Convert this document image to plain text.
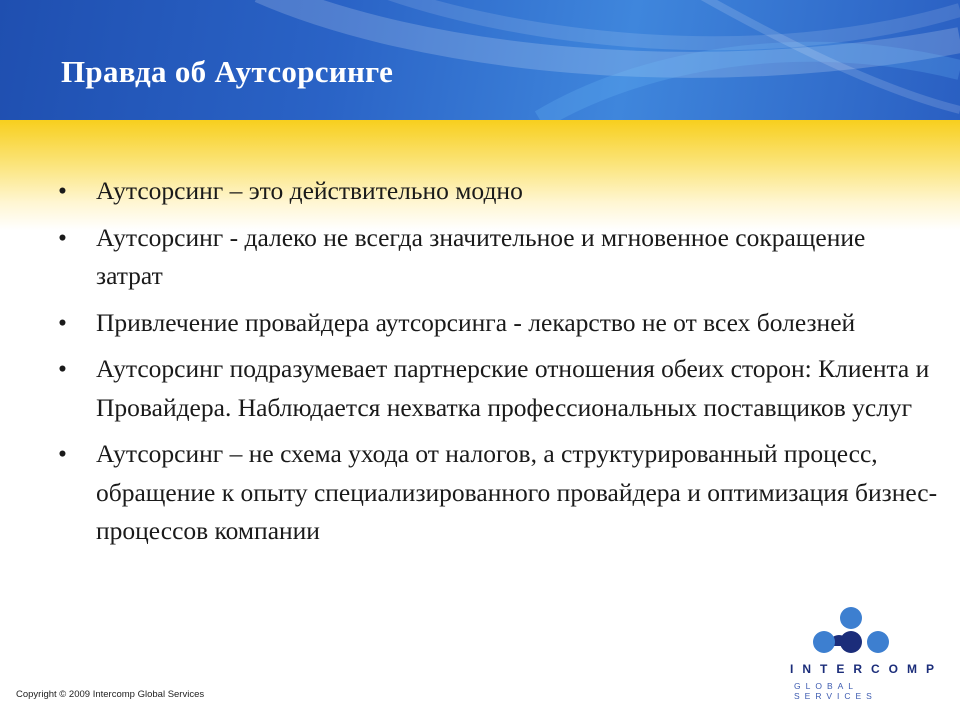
Правда об Аутсорсинге
• Аутсорсинг – это действительно модно
• Аутсорсинг - далеко не всегда значительное и мгновенное сокращение затрат
• Привлечение провайдера аутсорсинга - лекарство не от всех болезней
• Аутсорсинг подразумевает партнерские отношения обеих сторон: Клиента и Провайдера. Наблюдается нехватка профессиональных поставщиков услуг
• Аутсорсинг – не схема ухода от налогов, а структурированный процесс, обращение к опыту специализированного провайдера и оптимизация бизнес-процессов компании
Copyright © 2009 Intercomp Global Services
INTERCOMP
GLOBAL SERVICES
